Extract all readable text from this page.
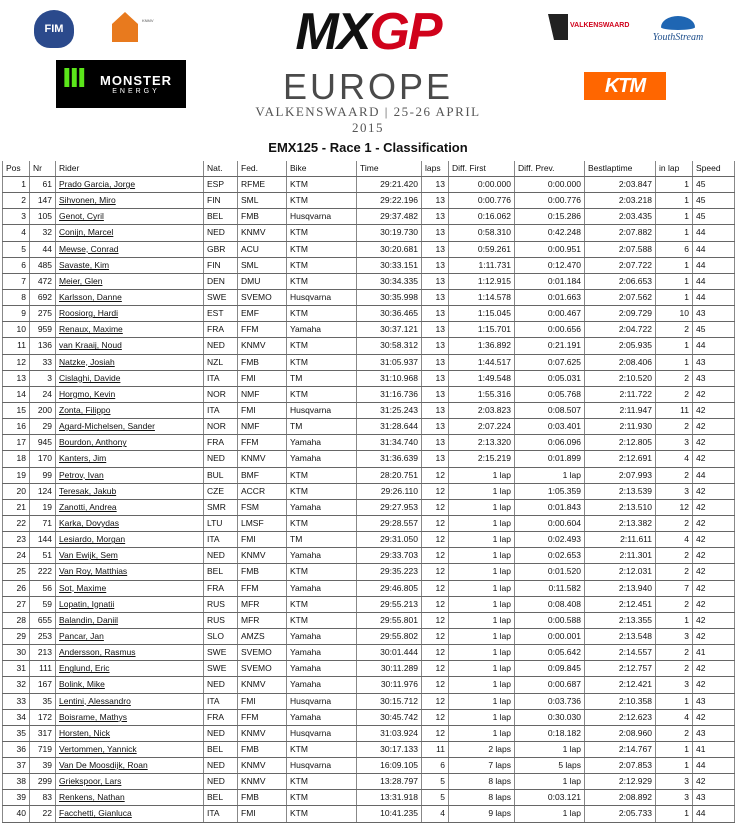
FIM
KNMV
Ⅲ MONSTER
ENERGY
MX GP
EUROPE
VALKENSWAARD | 25-26 APRIL 2015
VALKENSWAARD
YouthStream
KTM
EMX125 - Race 1 - Classification
Pos	Nr	Rider	Nat.	Fed.	Bike	Time	laps	Diff. First	Diff. Prev.	Bestlaptime	in lap	Speed
1	61 Prado Garcia, Jorge	ESP	RFME	KTM	29:21.420	13	0:00.000	0:00.000	2:03.847	1 45
2	147 Sihvonen, Miro	FIN	SML	KTM	29:22.196	13	0:00.776	0:00.776	2:03.218	1 45
3	105 Genot, Cyril	BEL	FMB	Husqvarna	29:37.482	13	0:16.062	0:15.286	2:03.435	1 45
4	32 Conijn, Marcel	NED	KNMV	KTM	30:19.730	13	0:58.310	0:42.248	2:07.882	1 44
5	44 Mewse, Conrad	GBR	ACU	KTM	30:20.681	13	0:59.261	0:00.951	2:07.588	6 44
6	485 Savaste, Kim	FIN	SML	KTM	30:33.151	13	1:11.731	0:12.470	2:07.722	1 44
7	472 Meier, Glen	DEN	DMU	KTM	30:34.335	13	1:12.915	0:01.184	2:06.653	1 44
8	692 Karlsson, Danne	SWE	SVEMO	Husqvarna	30:35.998	13	1:14.578	0:01.663	2:07.562	1 44
9	275 Roosiorg, Hardi	EST	EMF	KTM	30:36.465	13	1:15.045	0:00.467	2:09.729	10 43
10	959 Renaux, Maxime	FRA	FFM	Yamaha	30:37.121	13	1:15.701	0:00.656	2:04.722	2 45
11	136 van Kraaij, Noud	NED	KNMV	KTM	30:58.312	13	1:36.892	0:21.191	2:05.935	1 44
12	33 Natzke, Josiah	NZL	FMB	KTM	31:05.937	13	1:44.517	0:07.625	2:08.406	1 43
13	3 Cislaghi, Davide	ITA	FMI	TM	31:10.968	13	1:49.548	0:05.031	2:10.520	2 43
14	24 Horgmo, Kevin	NOR	NMF	KTM	31:16.736	13	1:55.316	0:05.768	2:11.722	2 42
15	200 Zonta, Filippo	ITA	FMI	Husqvarna	31:25.243	13	2:03.823	0:08.507	2:11.947	11 42
16	29 Agard-Michelsen, Sander	NOR	NMF	TM	31:28.644	13	2:07.224	0:03.401	2:11.930	2 42
17	945 Bourdon, Anthony	FRA	FFM	Yamaha	31:34.740	13	2:13.320	0:06.096	2:12.805	3 42
18	170 Kanters, Jim	NED	KNMV	Yamaha	31:36.639	13	2:15.219	0:01.899	2:12.691	4 42
19	99 Petrov, Ivan	BUL	BMF	KTM	28:20.751	12	1 lap	1 lap	2:07.993	2 44
20	124 Teresak, Jakub	CZE	ACCR	KTM	29:26.110	12	1 lap	1:05.359	2:13.539	3 42
21	19 Zanotti, Andrea	SMR	FSM	Yamaha	29:27.953	12	1 lap	0:01.843	2:13.510	12 42
22	71 Karka, Dovydas	LTU	LMSF	KTM	29:28.557	12	1 lap	0:00.604	2:13.382	2 42
23	144 Lesiardo, Morgan	ITA	FMI	TM	29:31.050	12	1 lap	0:02.493	2:11.611	4 42
24	51 Van Ewijk, Sem	NED	KNMV	Yamaha	29:33.703	12	1 lap	0:02.653	2:11.301	2 42
25	222 Van Roy, Matthias	BEL	FMB	KTM	29:35.223	12	1 lap	0:01.520	2:12.031	2 42
26	56 Sot, Maxime	FRA	FFM	Yamaha	29:46.805	12	1 lap	0:11.582	2:13.940	7 42
27	59 Lopatin, Ignatii	RUS	MFR	KTM	29:55.213	12	1 lap	0:08.408	2:12.451	2 42
28	655 Balandin, Daniil	RUS	MFR	KTM	29:55.801	12	1 lap	0:00.588	2:13.355	1 42
29	253 Pancar, Jan	SLO	AMZS	Yamaha	29:55.802	12	1 lap	0:00.001	2:13.548	3 42
30	213 Andersson, Rasmus	SWE	SVEMO	Yamaha	30:01.444	12	1 lap	0:05.642	2:14.557	2 41
31	111 Englund, Eric	SWE	SVEMO	Yamaha	30:11.289	12	1 lap	0:09.845	2:12.757	2 42
32	167 Bolink, Mike	NED	KNMV	Yamaha	30:11.976	12	1 lap	0:00.687	2:12.421	3 42
33	35 Lentini, Alessandro	ITA	FMI	Husqvarna	30:15.712	12	1 lap	0:03.736	2:10.358	1 43
34	172 Boisrame, Mathys	FRA	FFM	Yamaha	30:45.742	12	1 lap	0:30.030	2:12.623	4 42
35	317 Horsten, Nick	NED	KNMV	Husqvarna	31:03.924	12	1 lap	0:18.182	2:08.960	2 43
36	719 Vertommen, Yannick	BEL	FMB	KTM	30:17.133	11	2 laps	1 lap	2:14.767	1 41
37	39 Van De Moosdijk, Roan	NED	KNMV	Husqvarna	16:09.105	6	7 laps	5 laps	2:07.853	1 44
38	299 Griekspoor, Lars	NED	KNMV	KTM	13:28.797	5	8 laps	1 lap	2:12.929	3 42
39	83 Renkens, Nathan	BEL	FMB	KTM	13:31.918	5	8 laps	0:03.121	2:08.892	3 43
40	22 Facchetti, Gianluca	ITA	FMI	KTM	10:41.235	4	9 laps	1 lap	2:05.733	1 44
